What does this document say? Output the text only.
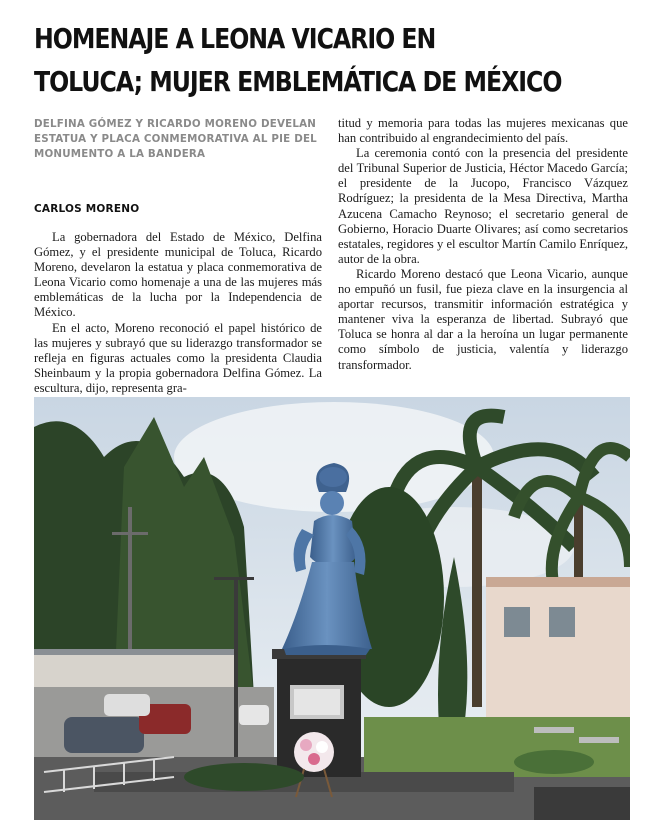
HOMENAJE A LEONA VICARIO EN
TOLUCA; MUJER EMBLEMÁTICA DE MÉXICO
DELFINA GÓMEZ Y RICARDO MORENO DEVELAN ESTATUA Y PLACA CONMEMORATIVA AL PIE DEL MONUMENTO A LA BANDERA
CARLOS MORENO

La gobernadora del Estado de México, Delfina Gómez, y el presidente municipal de Toluca, Ricardo Moreno, develaron la estatua y placa conmemorativa de Leona Vicario como homenaje a una de las mujeres más emblemáticas de la lucha por la Independencia de México.

En el acto, Moreno reconoció el papel histórico de las mujeres y subrayó que su liderazgo transformador se refleja en figuras actuales como la presidenta Claudia Sheinbaum y la propia gobernadora Delfina Gómez. La escultura, dijo, representa gra-

titud y memoria para todas las mujeres mexicanas que han contribuido al engrandecimiento del país.

La ceremonia contó con la presencia del presidente del Tribunal Superior de Justicia, Héctor Macedo García; el presidente de la Jucopo, Francisco Vázquez Rodríguez; la presidenta de la Mesa Directiva, Martha Azucena Camacho Reynoso; el secretario general de Gobierno, Horacio Duarte Olivares; así como secretarios estatales, regidores y el escultor Martín Camilo Enríquez, autor de la obra.

Ricardo Moreno destacó que Leona Vicario, aunque no empuñó un fusil, fue pieza clave en la insurgencia al aportar recursos, transmitir información estratégica y mantener viva la esperanza de libertad. Subrayó que Toluca se honra al dar a la heroína un lugar permanente como símbolo de justicia, valentía y liderazgo transformador.
